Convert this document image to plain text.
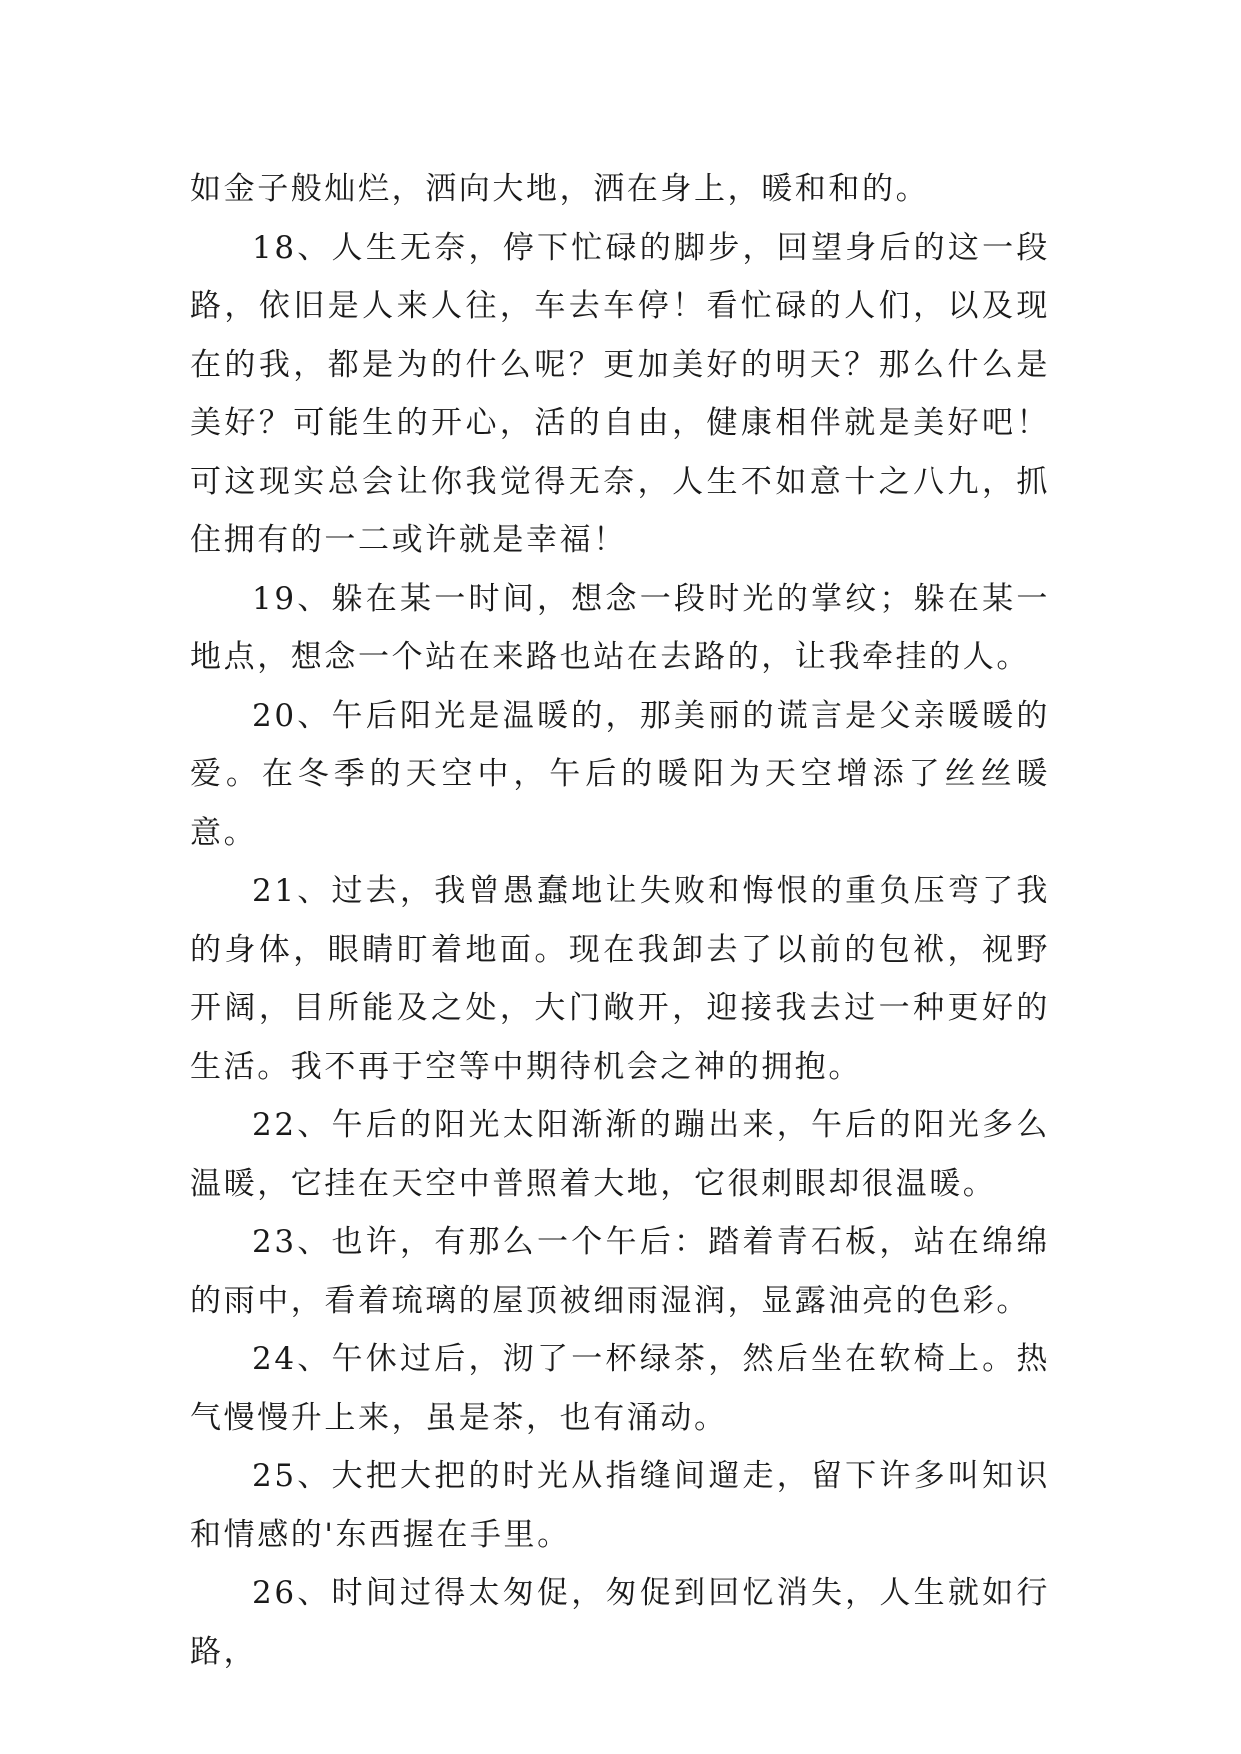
如金子般灿烂，洒向大地，洒在身上，暖和和的。

18、人生无奈，停下忙碌的脚步，回望身后的这一段路，依旧是人来人往，车去车停！看忙碌的人们，以及现在的我，都是为的什么呢？更加美好的明天？那么什么是美好？可能生的开心，活的自由，健康相伴就是美好吧！可这现实总会让你我觉得无奈，人生不如意十之八九，抓住拥有的一二或许就是幸福！

19、躲在某一时间，想念一段时光的掌纹；躲在某一地点，想念一个站在来路也站在去路的，让我牵挂的人。

20、午后阳光是温暖的，那美丽的谎言是父亲暖暖的爱。在冬季的天空中，午后的暖阳为天空增添了丝丝暖意。

21、过去，我曾愚蠢地让失败和悔恨的重负压弯了我的身体，眼睛盯着地面。现在我卸去了以前的包袱，视野开阔，目所能及之处，大门敞开，迎接我去过一种更好的生活。我不再于空等中期待机会之神的拥抱。

22、午后的阳光太阳渐渐的蹦出来，午后的阳光多么温暖，它挂在天空中普照着大地，它很刺眼却很温暖。

23、也许，有那么一个午后：踏着青石板，站在绵绵的雨中，看着琉璃的屋顶被细雨湿润，显露油亮的色彩。

24、午休过后，沏了一杯绿茶，然后坐在软椅上。热气慢慢升上来，虽是茶，也有涌动。

25、大把大把的时光从指缝间遛走，留下许多叫知识和情感的'东西握在手里。

26、时间过得太匆促，匆促到回忆消失，人生就如行路，
